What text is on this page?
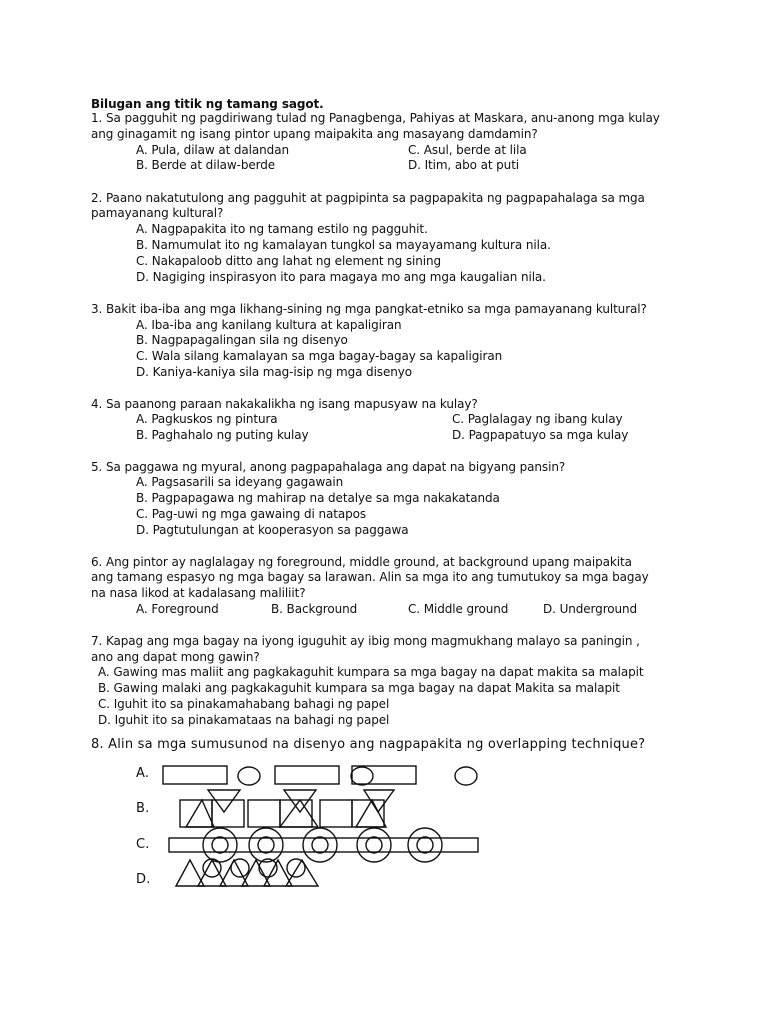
Bilugan ang titik ng tamang sagot.
1. Sa pagguhit ng pagdiriwang tulad ng Panagbenga, Pahiyas at Maskara, anu-anong mga kulay
ang ginagamit ng isang pintor upang maipakita ang masayang damdamin?
A. Pula, dilaw at dalandan
B. Berde at dilaw-berde
C. Asul, berde at lila
D. Itim, abo at puti
2. Paano nakatutulong ang pagguhit at pagpipinta sa pagpapakita ng pagpapahalaga sa mga
pamayanang kultural?
A. Nagpapakita ito ng tamang estilo ng pagguhit.
B. Namumulat ito ng kamalayan tungkol sa mayayamang kultura nila.
C. Nakapaloob ditto ang lahat ng element ng sining
D. Nagiging inspirasyon ito para magaya mo ang mga kaugalian nila.
3. Bakit iba-iba ang mga likhang-sining ng mga pangkat-etniko sa mga pamayanang kultural?
A. Iba-iba ang kanilang kultura at kapaligiran
B. Nagpapagalingan sila ng disenyo
C. Wala silang kamalayan sa mga bagay-bagay sa kapaligiran
D. Kaniya-kaniya sila mag-isip ng mga disenyo
4. Sa paanong paraan nakakalikha ng isang mapusyaw na kulay?
A. Pagkuskos ng pintura
B. Paghahalo ng puting kulay
C. Paglalagay ng ibang kulay
D. Pagpapatuyo sa mga kulay
5. Sa paggawa ng myural, anong pagpapahalaga ang dapat na bigyang pansin?
A. Pagsasarili sa ideyang gagawain
B. Pagpapagawa ng mahirap na detalye sa mga nakakatanda
C. Pag-uwi ng mga gawaing di natapos
D. Pagtutulungan at kooperasyon sa paggawa
6. Ang pintor ay naglalagay ng foreground, middle ground, at background upang maipakita
ang tamang espasyo ng mga bagay sa larawan. Alin sa mga ito ang tumutukoy sa mga bagay
na nasa likod at kadalasang maliliit?
A. Foreground	B. Background	C. Middle ground	D. Underground
7. Kapag ang mga bagay na iyong iguguhit ay ibig mong magmukhang malayo sa paningin ,
ano ang dapat mong gawin?
A. Gawing mas maliit ang pagkakaguhit kumpara sa mga bagay na dapat makita sa malapit
B. Gawing malaki ang pagkakaguhit kumpara sa mga bagay na dapat Makita sa malapit
C. Iguhit ito sa pinakamahabang bahagi ng papel
D. Iguhit ito sa pinakamataas na bahagi ng papel
8. Alin sa mga sumusunod na disenyo ang nagpapakita ng overlapping technique?
A.
B.
C.
D.
